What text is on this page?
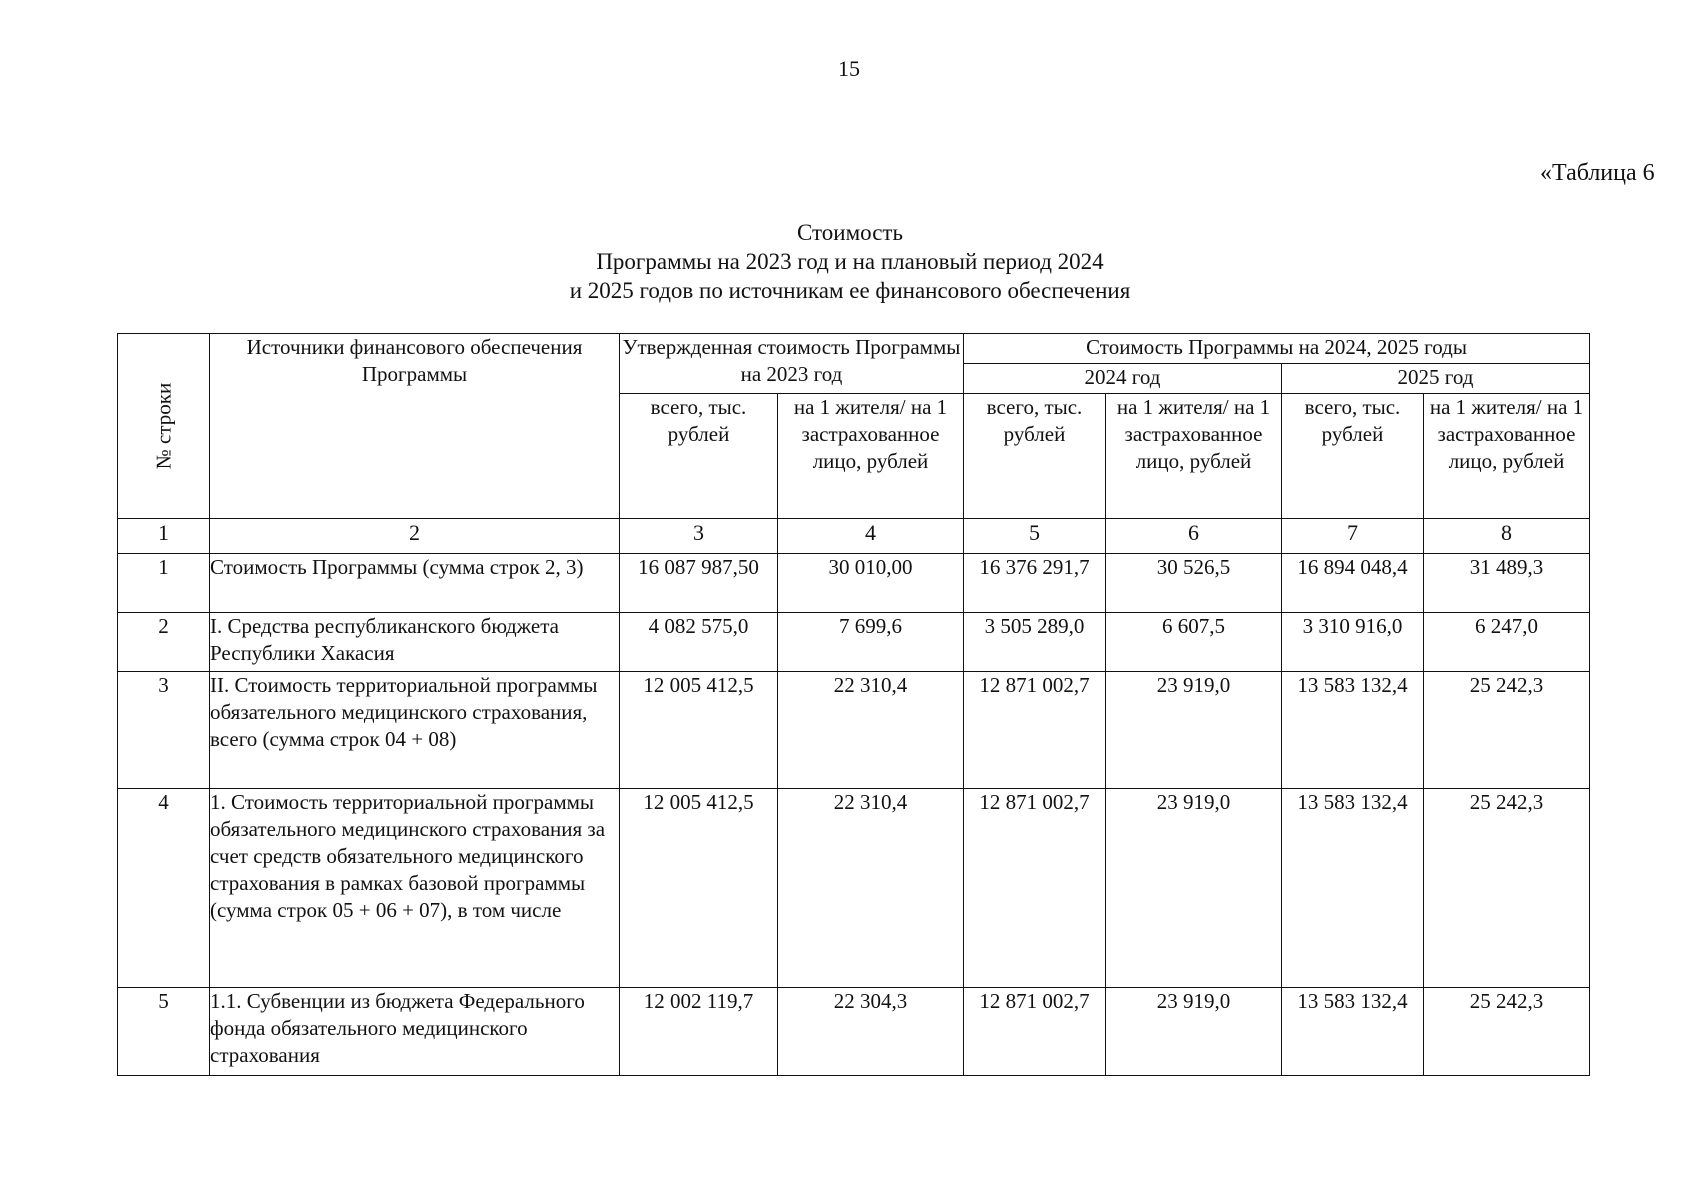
15
«Таблица 6
Стоимость
Программы на 2023 год и на плановый период 2024
и 2025 годов по источникам ее финансового обеспечения
№ строки	Источники финансового обеспечения Программы	Утвержденная стоимость Программы на 2023 год		Стоимость Программы на 2024, 2025 годы			
				2024 год		2025 год	
		всего, тыс. рублей	на 1 жителя/ на 1 застрахованное лицо, рублей	всего, тыс. рублей	на 1 жителя/ на 1 застрахованное лицо, рублей	всего, тыс. рублей	на 1 жителя/ на 1 застрахованное лицо, рублей
1	2	3	4	5	6	7	8
1	Стоимость Программы (сумма строк 2, 3)	16 087 987,50	30 010,00	16 376 291,7	30 526,5	16 894 048,4	31 489,3
2	I. Средства республиканского бюджета Республики Хакасия	4 082 575,0	7 699,6	3 505 289,0	6 607,5	3 310 916,0	6 247,0
3	II. Стоимость территориальной программы обязательного медицинского страхования, всего (сумма строк 04 + 08)	12 005 412,5	22 310,4	12 871 002,7	23 919,0	13 583 132,4	25 242,3
4	1. Стоимость территориальной программы обязательного медицинского страхования за счет средств обязательного медицинского страхования в рамках базовой программы (сумма строк 05 + 06 + 07), в том числе	12 005 412,5	22 310,4	12 871 002,7	23 919,0	13 583 132,4	25 242,3
5	1.1. Субвенции из бюджета Федерального фонда обязательного медицинского страхования	12 002 119,7	22 304,3	12 871 002,7	23 919,0	13 583 132,4	25 242,3
